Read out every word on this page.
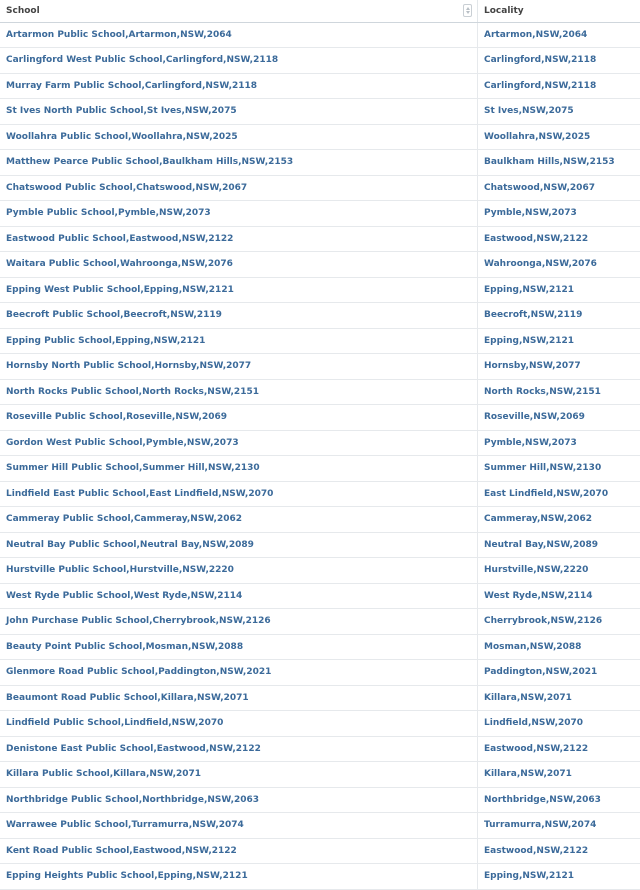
School	Locality
Artarmon Public School,Artarmon,NSW,2064	Artarmon,NSW,2064
Carlingford West Public School,Carlingford,NSW,2118	Carlingford,NSW,2118
Murray Farm Public School,Carlingford,NSW,2118	Carlingford,NSW,2118
St Ives North Public School,St Ives,NSW,2075	St Ives,NSW,2075
Woollahra Public School,Woollahra,NSW,2025	Woollahra,NSW,2025
Matthew Pearce Public School,Baulkham Hills,NSW,2153	Baulkham Hills,NSW,2153
Chatswood Public School,Chatswood,NSW,2067	Chatswood,NSW,2067
Pymble Public School,Pymble,NSW,2073	Pymble,NSW,2073
Eastwood Public School,Eastwood,NSW,2122	Eastwood,NSW,2122
Waitara Public School,Wahroonga,NSW,2076	Wahroonga,NSW,2076
Epping West Public School,Epping,NSW,2121	Epping,NSW,2121
Beecroft Public School,Beecroft,NSW,2119	Beecroft,NSW,2119
Epping Public School,Epping,NSW,2121	Epping,NSW,2121
Hornsby North Public School,Hornsby,NSW,2077	Hornsby,NSW,2077
North Rocks Public School,North Rocks,NSW,2151	North Rocks,NSW,2151
Roseville Public School,Roseville,NSW,2069	Roseville,NSW,2069
Gordon West Public School,Pymble,NSW,2073	Pymble,NSW,2073
Summer Hill Public School,Summer Hill,NSW,2130	Summer Hill,NSW,2130
Lindfield East Public School,East Lindfield,NSW,2070	East Lindfield,NSW,2070
Cammeray Public School,Cammeray,NSW,2062	Cammeray,NSW,2062
Neutral Bay Public School,Neutral Bay,NSW,2089	Neutral Bay,NSW,2089
Hurstville Public School,Hurstville,NSW,2220	Hurstville,NSW,2220
West Ryde Public School,West Ryde,NSW,2114	West Ryde,NSW,2114
John Purchase Public School,Cherrybrook,NSW,2126	Cherrybrook,NSW,2126
Beauty Point Public School,Mosman,NSW,2088	Mosman,NSW,2088
Glenmore Road Public School,Paddington,NSW,2021	Paddington,NSW,2021
Beaumont Road Public School,Killara,NSW,2071	Killara,NSW,2071
Lindfield Public School,Lindfield,NSW,2070	Lindfield,NSW,2070
Denistone East Public School,Eastwood,NSW,2122	Eastwood,NSW,2122
Killara Public School,Killara,NSW,2071	Killara,NSW,2071
Northbridge Public School,Northbridge,NSW,2063	Northbridge,NSW,2063
Warrawee Public School,Turramurra,NSW,2074	Turramurra,NSW,2074
Kent Road Public School,Eastwood,NSW,2122	Eastwood,NSW,2122
Epping Heights Public School,Epping,NSW,2121	Epping,NSW,2121
